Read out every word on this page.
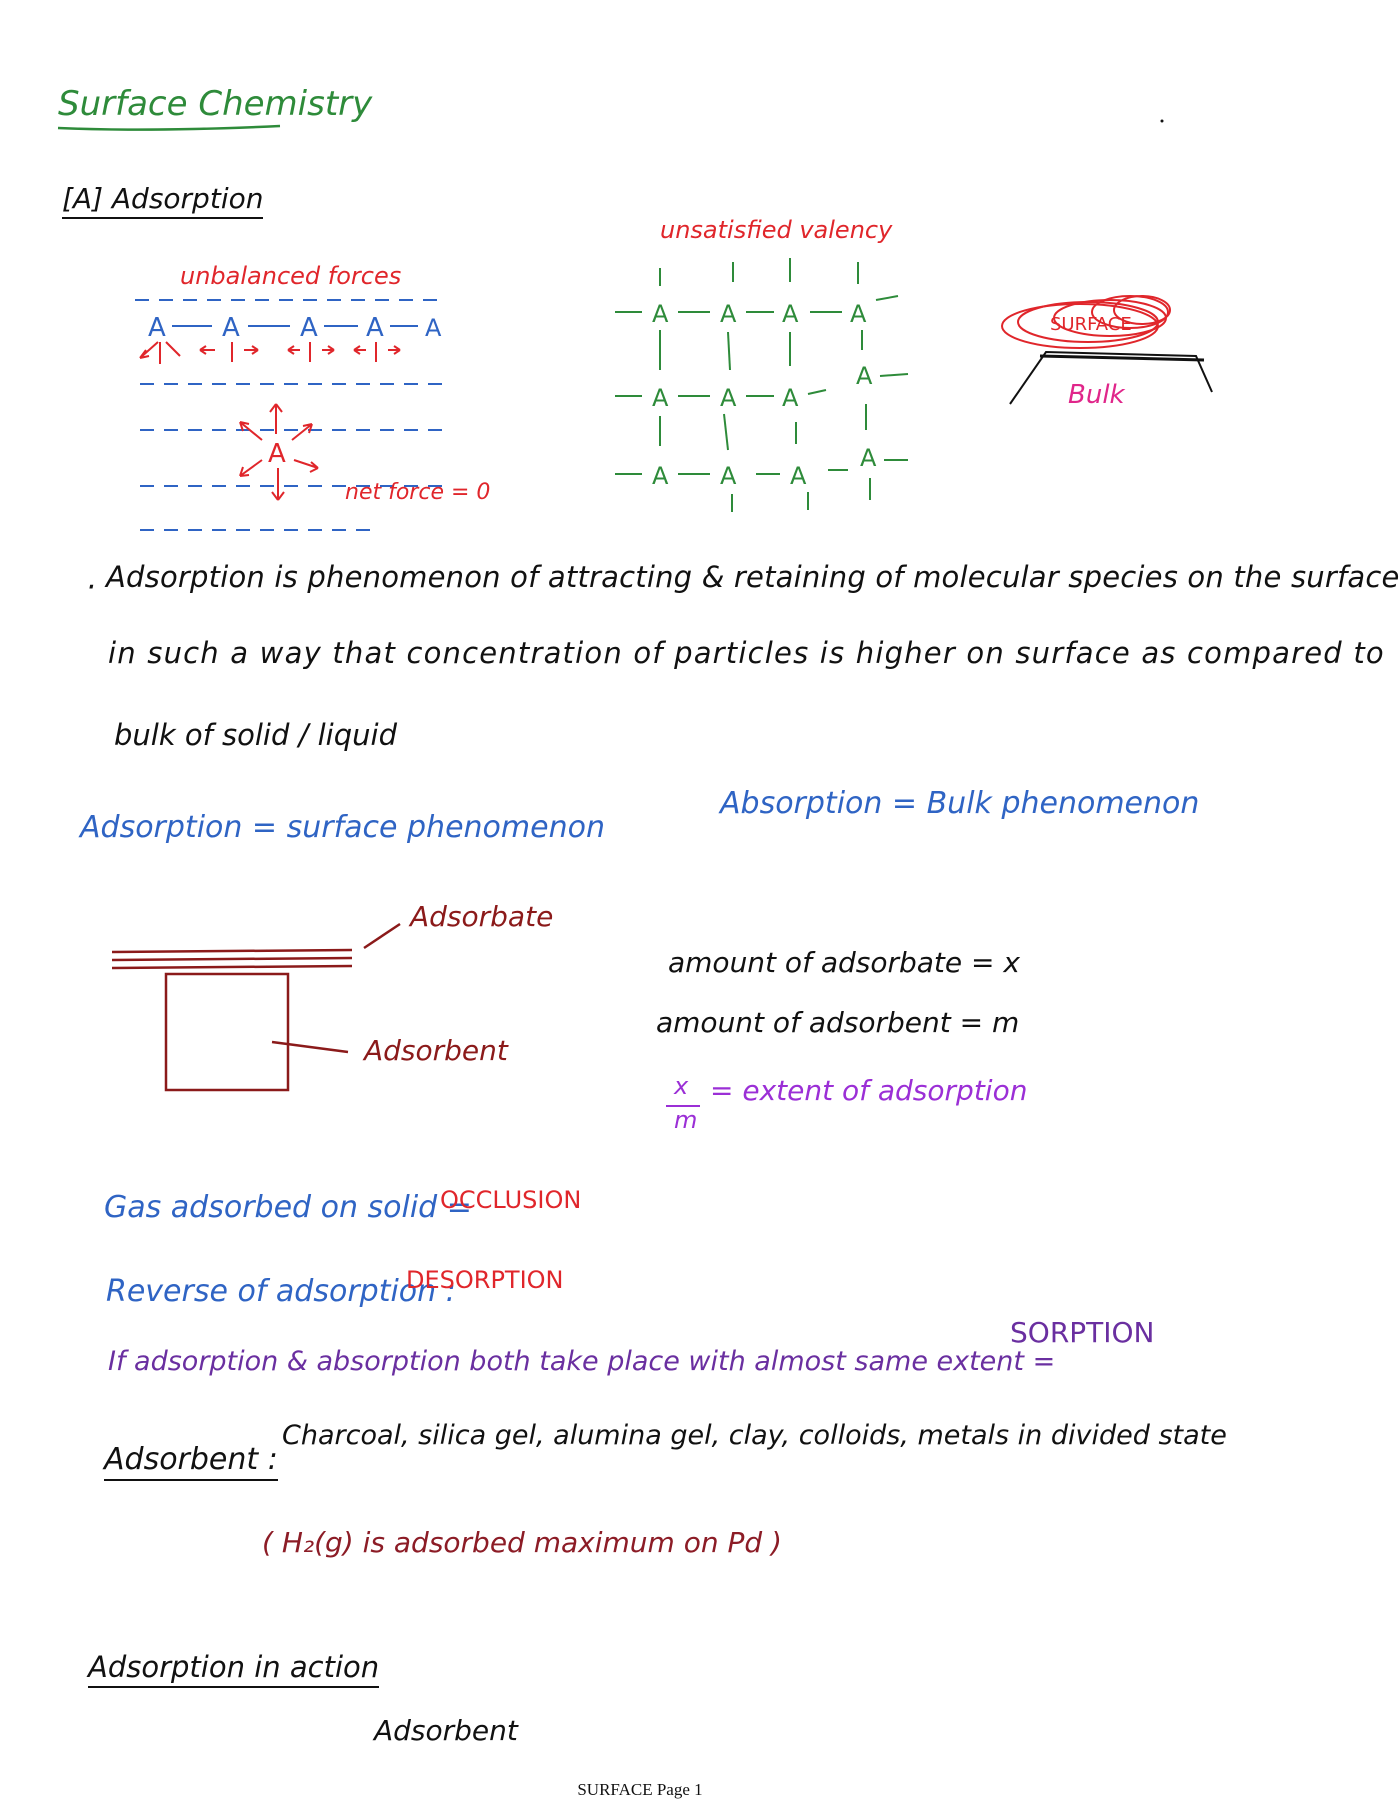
Surface Chemistry
[A] Adsorption
unbalanced forces
A A A A A
A
net force = 0
unsatisfied valency
A A A A
A A A
A
A A A
A
SURFACE
Bulk
· Adsorption is phenomenon of attracting & retaining of molecular species on the surface
in such a way that concentration of particles is higher on surface as compared to
bulk of solid / liquid
Adsorption = surface phenomenon
Absorption = Bulk phenomenon
Adsorbate
Adsorbent
amount of adsorbate = x
amount of adsorbent = m
x
m
= extent of adsorption
Gas adsorbed on solid =
OCCLUSION
Reverse of adsorption :
DESORPTION
If adsorption & absorption both take place with almost same extent =
SORPTION
Adsorbent :
Charcoal, silica gel, alumina gel, clay, colloids, metals in divided state
( H₂(g) is adsorbed maximum on Pd )
Adsorption in action
Adsorbent
SURFACE Page 1
